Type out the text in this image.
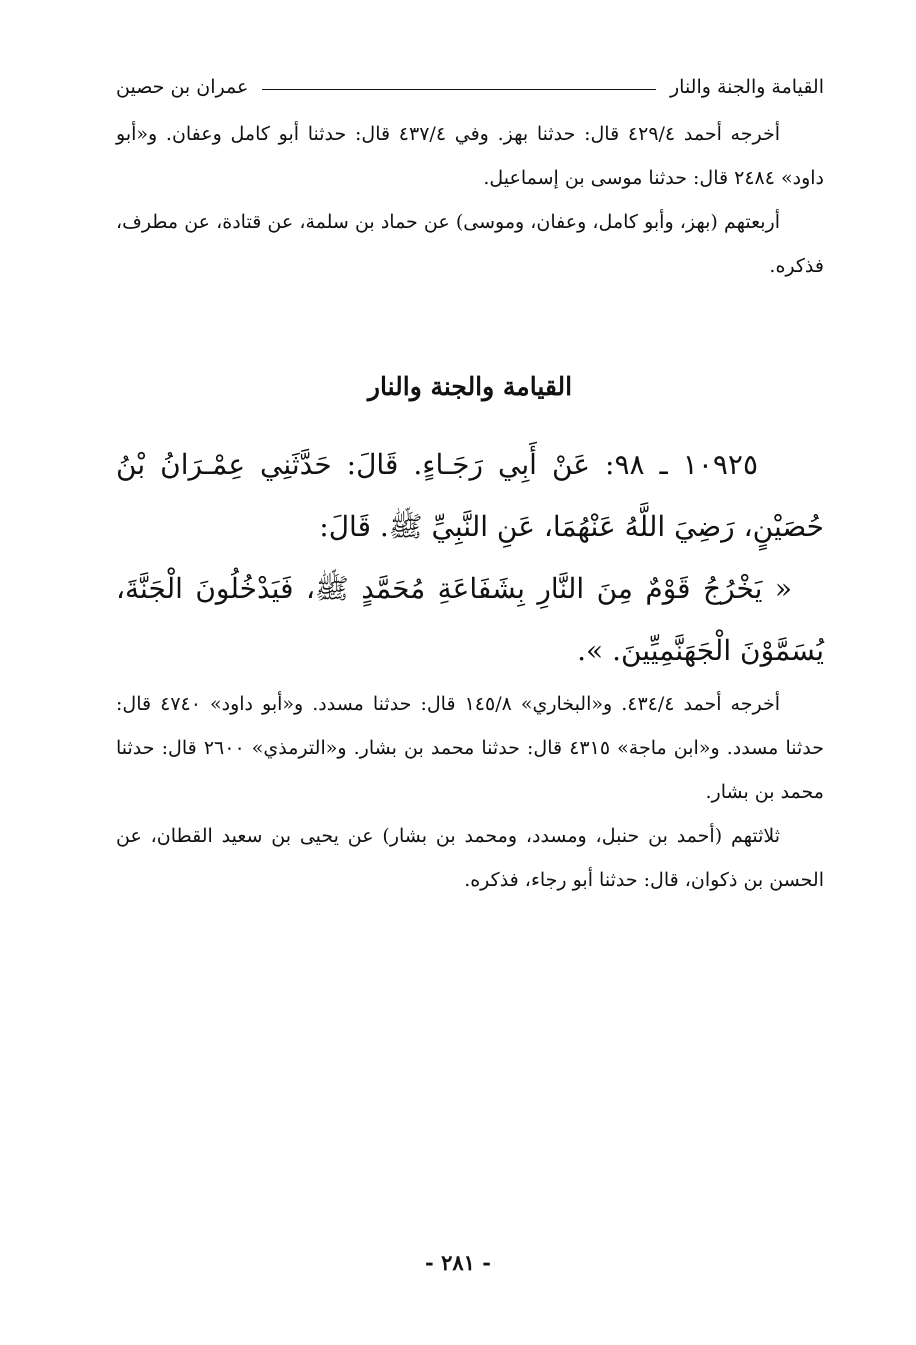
القيامة والجنة والنار
عمران بن حصين

أخرجه أحمد ٤٢٩/٤ قال: حدثنا بهز. وفي ٤٣٧/٤ قال: حدثنا أبو كامل وعفان. و«أبو داود» ٢٤٨٤ قال: حدثنا موسى بن إسماعيل.

أربعتهم (بهز، وأبو كامل، وعفان، وموسى) عن حماد بن سلمة، عن قتادة، عن مطرف، فذكره.

القيامة والجنة والنار

١٠٩٢٥ ـ ٩٨: عَنْ أَبِي رَجَـاءٍ. قَالَ: حَدَّثَنِي عِمْـرَانُ بْنُ حُصَيْنٍ، رَضِيَ اللَّهُ عَنْهُمَا، عَنِ النَّبِيِّ ﷺ. قَالَ:

« يَخْرُجُ قَوْمٌ مِنَ النَّارِ بِشَفَاعَةِ مُحَمَّدٍ ﷺ، فَيَدْخُلُونَ الْجَنَّةَ، يُسَمَّوْنَ الْجَهَنَّمِيِّينَ. ».

أخرجه أحمد ٤٣٤/٤. و«البخاري» ١٤٥/٨ قال: حدثنا مسدد. و«أبو داود» ٤٧٤٠ قال: حدثنا مسدد. و«ابن ماجة» ٤٣١٥ قال: حدثنا محمد بن بشار. و«الترمذي» ٢٦٠٠ قال: حدثنا محمد بن بشار.

ثلاثتهم (أحمد بن حنبل، ومسدد، ومحمد بن بشار) عن يحيى بن سعيد القطان، عن الحسن بن ذكوان، قال: حدثنا أبو رجاء، فذكره.

- ٢٨١ -
